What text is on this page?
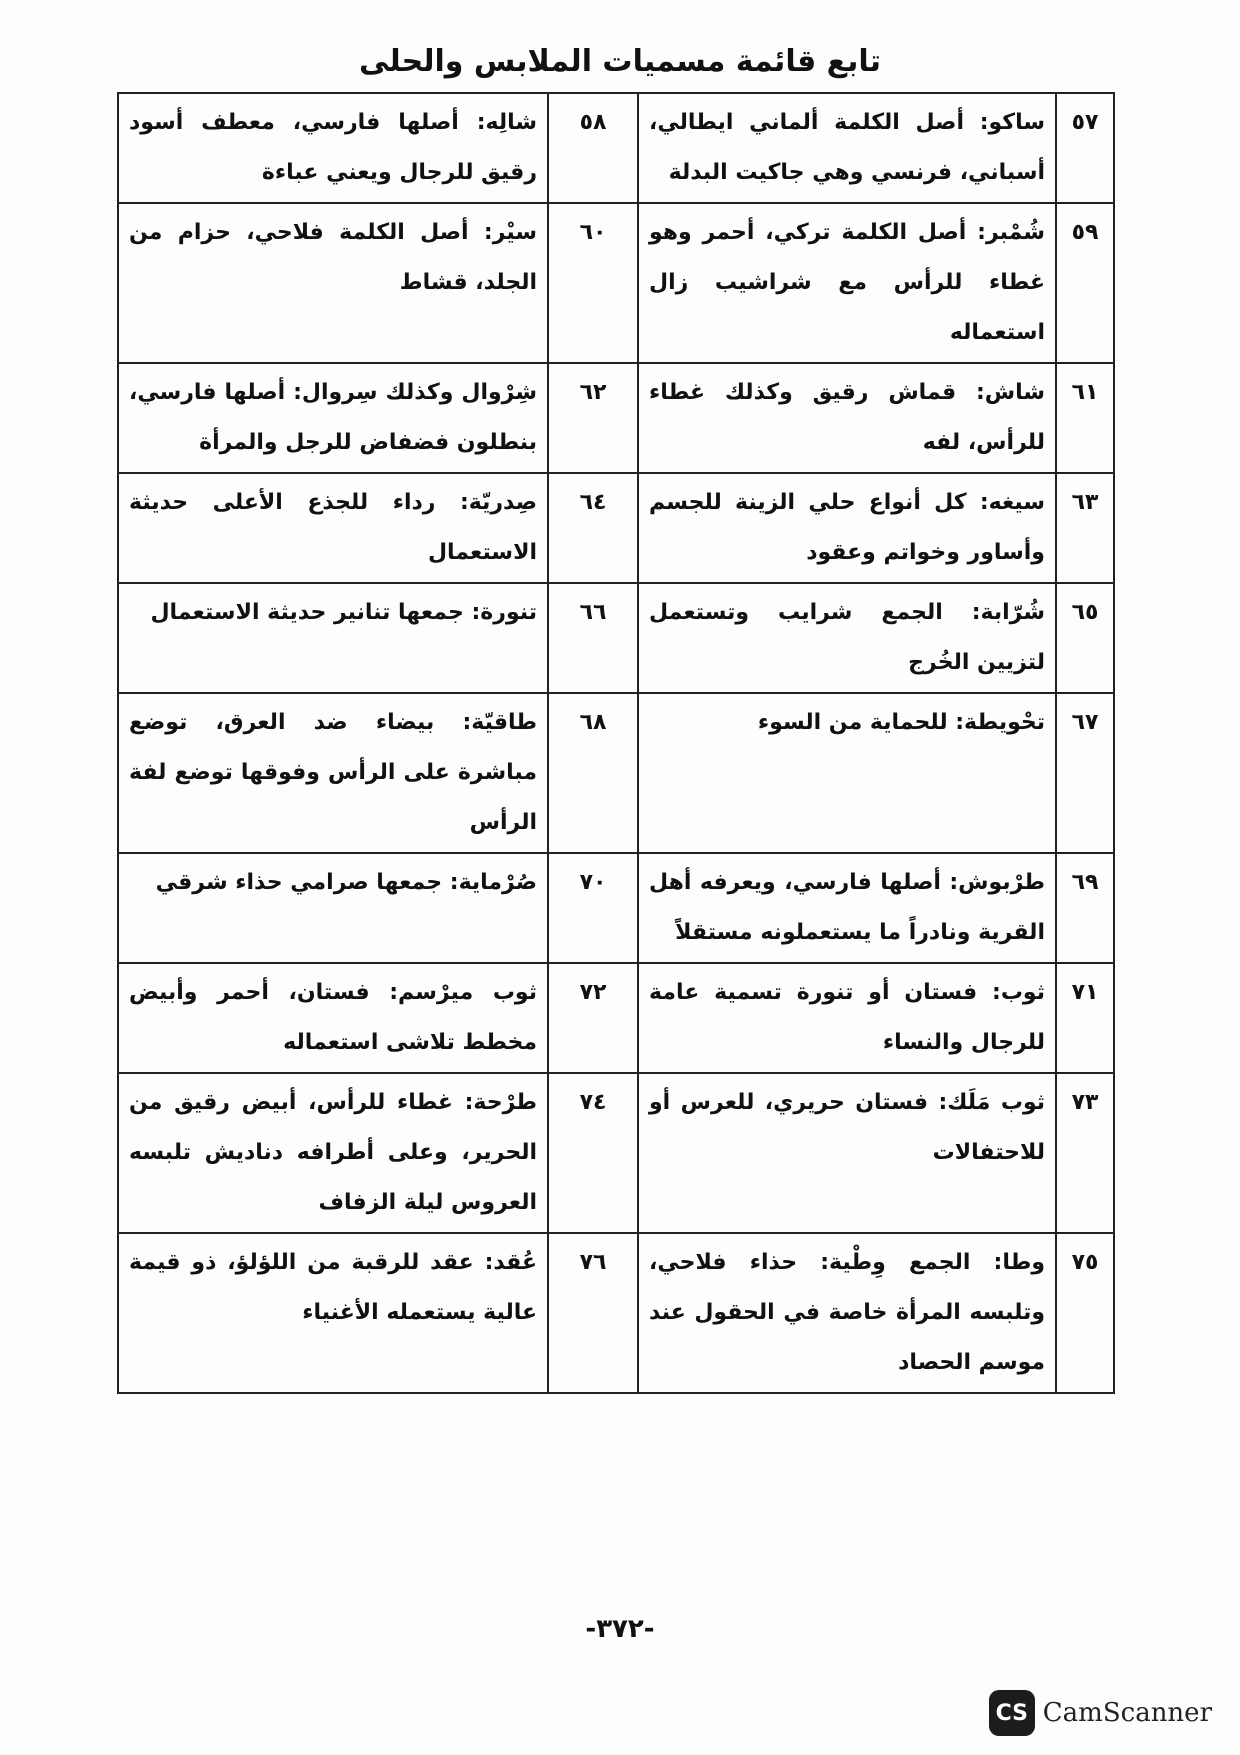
تابع قائمة مسميات الملابس والحلى
٥٧	ساكو: أصل الكلمة ألماني ايطالي، أسباني، فرنسي وهي جاكيت البدلة	٥٨	شالِه: أصلها فارسي، معطف أسود رقيق للرجال ويعني عباءة
٥٩	شُمْبر: أصل الكلمة تركي، أحمر وهو غطاء للرأس مع شراشيب زال استعماله	٦٠	سيْر: أصل الكلمة فلاحي، حزام من الجلد، قشاط
٦١	شاش: قماش رقيق وكذلك غطاء للرأس، لفه	٦٢	شِرْوال وكذلك سِروال: أصلها فارسي، بنطلون فضفاض للرجل والمرأة
٦٣	سيغه: كل أنواع حلي الزينة للجسم وأساور وخواتم وعقود	٦٤	صِدريّة: رداء للجذع الأعلى حديثة الاستعمال
٦٥	شُرّابة: الجمع شرايب وتستعمل لتزيين الخُرج	٦٦	تنورة: جمعها تنانير حديثة الاستعمال
٦٧	تحْويطة: للحماية من السوء	٦٨	طاقيّة: بيضاء ضد العرق، توضع مباشرة على الرأس وفوقها توضع لفة الرأس
٦٩	طرْبوش: أصلها فارسي، ويعرفه أهل القرية ونادراً ما يستعملونه مستقلاً	٧٠	صُرْماية: جمعها صرامي حذاء شرقي
٧١	ثوب: فستان أو تنورة تسمية عامة للرجال والنساء	٧٢	ثوب ميرْسم: فستان، أحمر وأبيض مخطط تلاشى استعماله
٧٣	ثوب مَلَك: فستان حريري، للعرس أو للاحتفالات	٧٤	طرْحة: غطاء للرأس، أبيض رقيق من الحرير، وعلى أطرافه دناديش تلبسه العروس ليلة الزفاف
٧٥	وطا: الجمع وِطْية: حذاء فلاحي، وتلبسه المرأة خاصة في الحقول عند موسم الحصاد	٧٦	عُقد: عقد للرقبة من اللؤلؤ، ذو قيمة عالية يستعمله الأغنياء
-٣٧٢-
CS CamScanner
